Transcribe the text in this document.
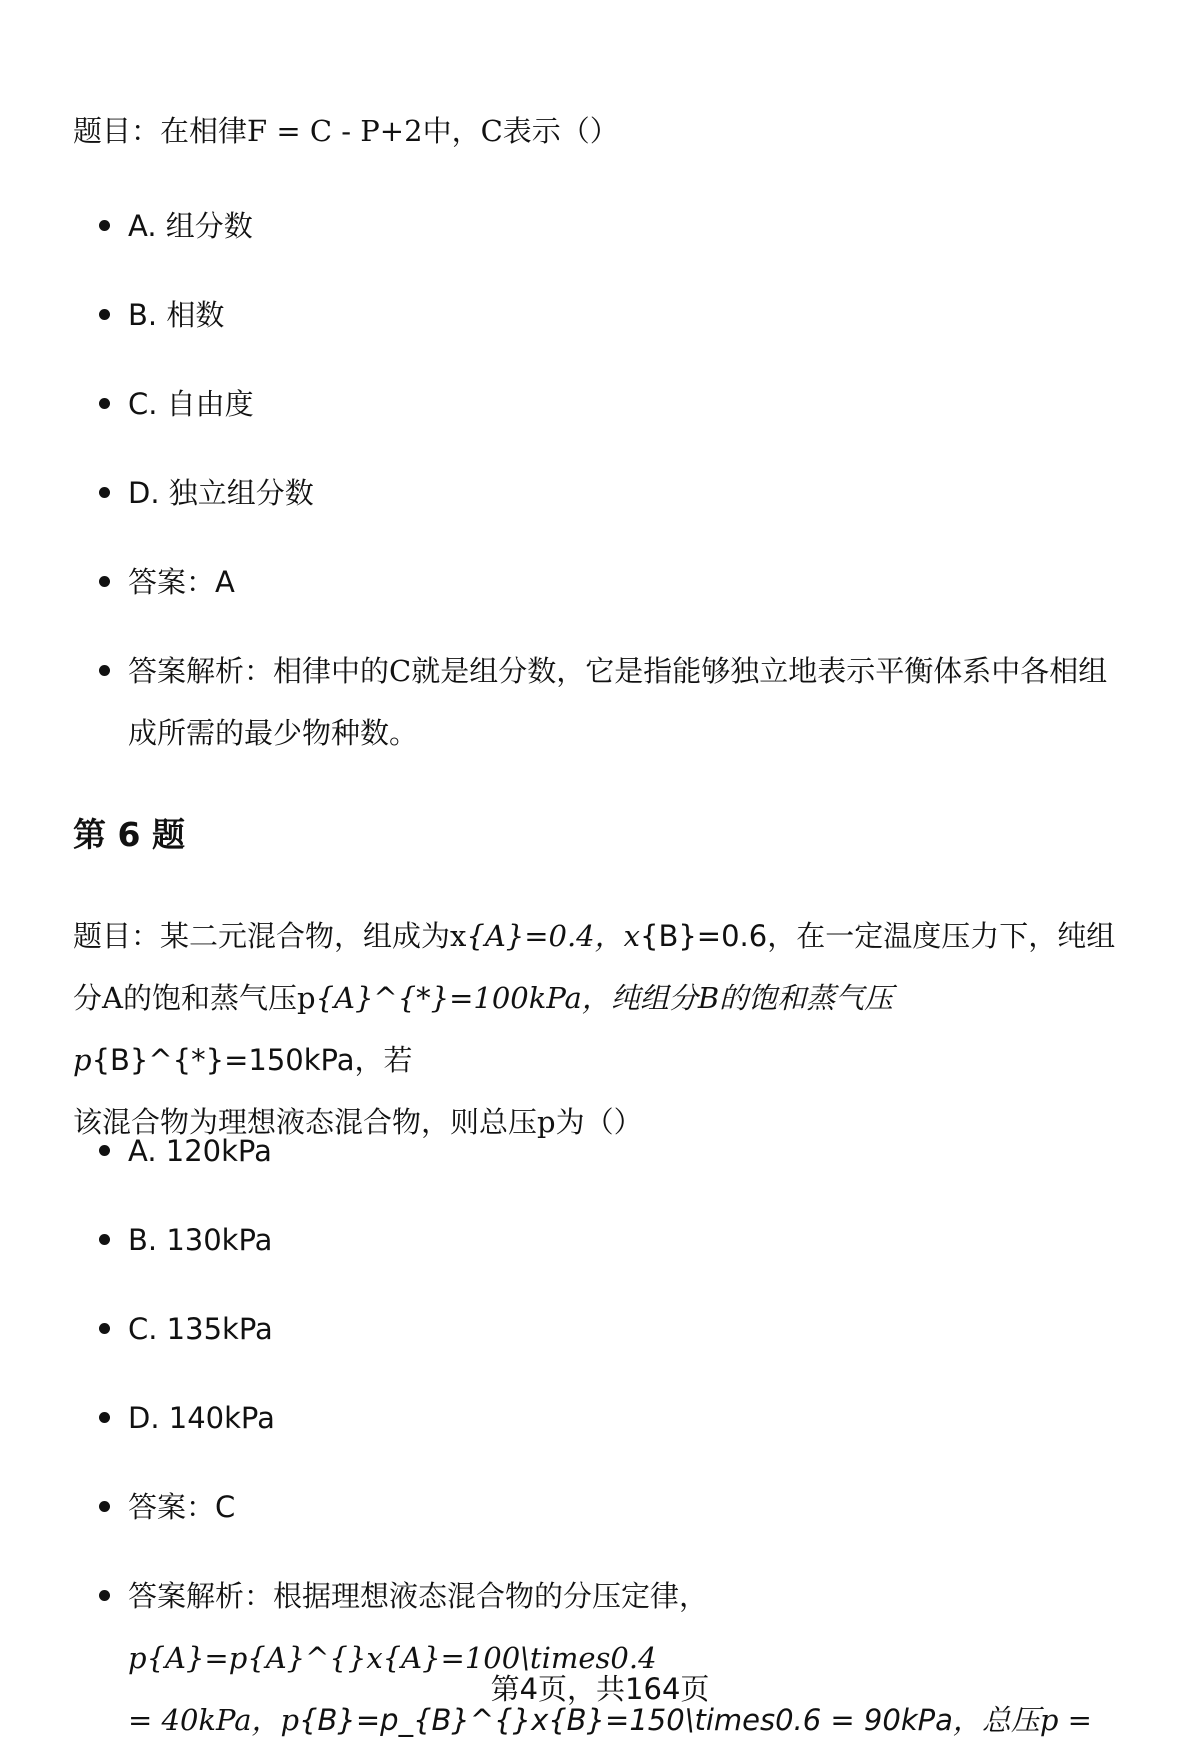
题目：在相律F = C - P+2中，C表示（）
A. 组分数
B. 相数
C. 自由度
D. 独立组分数
答案：A
答案解析：相律中的C就是组分数，它是指能够独立地表示平衡体系中各相组
成所需的最少物种数。
第 6 题
题目：某二元混合物，组成为x{A}=0.4，x{B}=0.6，在一定温度压力下，纯组
分A的饱和蒸气压p{A}^{*}=100kPa，纯组分B的饱和蒸气压p{B}^{*}=150kPa，若
该混合物为理想液态混合物，则总压p为（）
A. 120kPa
B. 130kPa
C. 135kPa
D. 140kPa
答案：C
答案解析：根据理想液态混合物的分压定律，p{A}=p{A}^{}x{A}=100\times0.4
= 40kPa，p{B}=p_{B}^{}x{B}=150\times0.6 = 90kPa，总压p =
第4页，共164页
